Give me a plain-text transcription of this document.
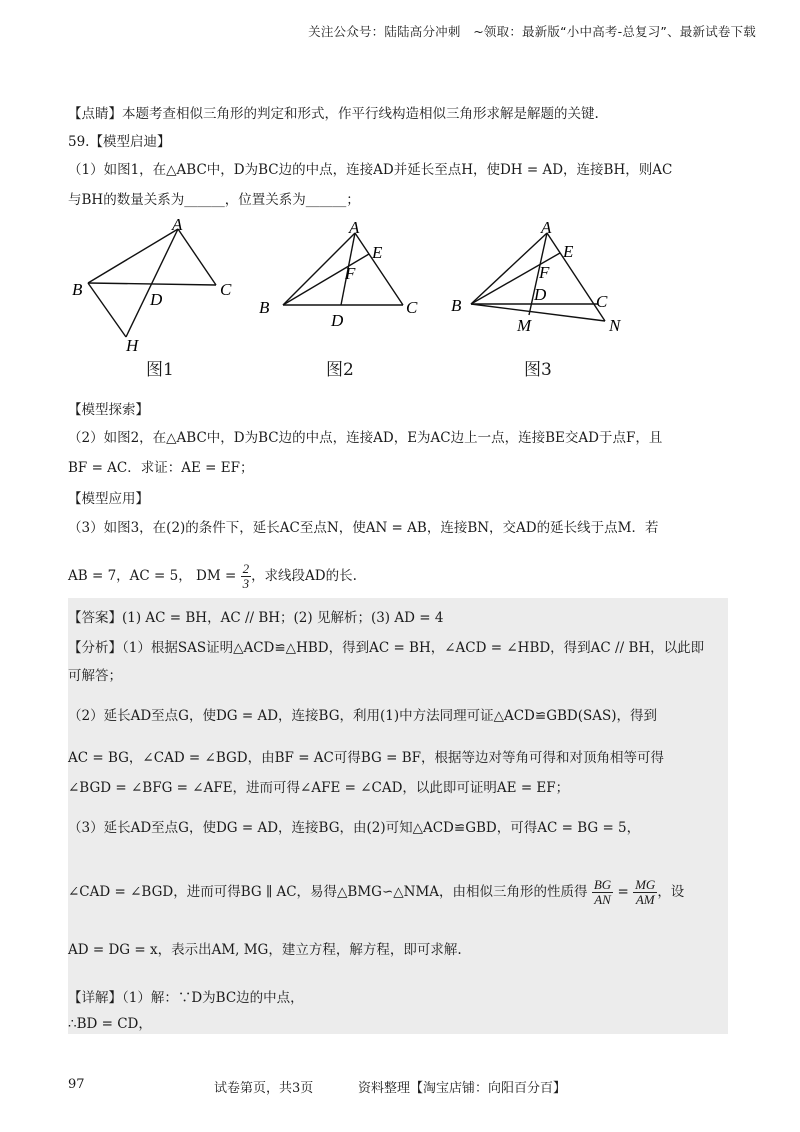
关注公众号：陆陆高分冲刺　~领取：最新版“小中高考-总复习”、最新试卷下载
【点睛】本题考查相似三角形的判定和形式，作平行线构造相似三角形求解是解题的关键.
59.【模型启迪】
（1）如图1，在△ABC中，D为BC边的中点，连接AD并延长至点H，使DH = AD，连接BH，则AC
与BH的数量关系为______，位置关系为______；
A
B	C
D
H
图1
A
E
F
B	C
D
图2
A
E
F
D
B	C
M	N
图3
【模型探索】
（2）如图2，在△ABC中，D为BC边的中点，连接AD，E为AC边上一点，连接BE交AD于点F，且
BF = AC．求证：AE = EF；
【模型应用】
（3）如图3，在(2)的条件下，延长AC至点N，使AN = AB，连接BN，交AD的延长线于点M．若
AB = 7，AC = 5， DM = $\frac{2}{3}$ ，求线段AD的长.
【答案】(1) AC = BH，AC // BH；(2) 见解析；(3) AD = 4
【分析】（1）根据SAS证明△ACD≌△HBD，得到AC = BH，∠ACD = ∠HBD，得到AC // BH，以此即
可解答；
（2）延长AD至点G，使DG = AD，连接BG，利用(1)中方法同理可证△ACD≌GBD(SAS)，得到
AC = BG，∠CAD = ∠BGD，由BF = AC可得BG = BF，根据等边对等角可得和对顶角相等可得
∠BGD = ∠BFG = ∠AFE，进而可得∠AFE = ∠CAD，以此即可证明AE = EF；
（3）延长AD至点G，使DG = AD，连接BG，由(2)可知△ACD≌GBD，可得AC = BG = 5，
∠CAD = ∠BGD，进而可得BG ∥ AC，易得△BMG∽△NMA，由相似三角形的性质得 $\frac{BG}{AN} = \frac{MG}{AM}$ ，设
AD = DG = x，表示出AM, MG，建立方程，解方程，即可求解.
【详解】（1）解：∵D为BC边的中点，
∴BD = CD，
97	试卷第页，共3页	资料整理【淘宝店铺：向阳百分百】
